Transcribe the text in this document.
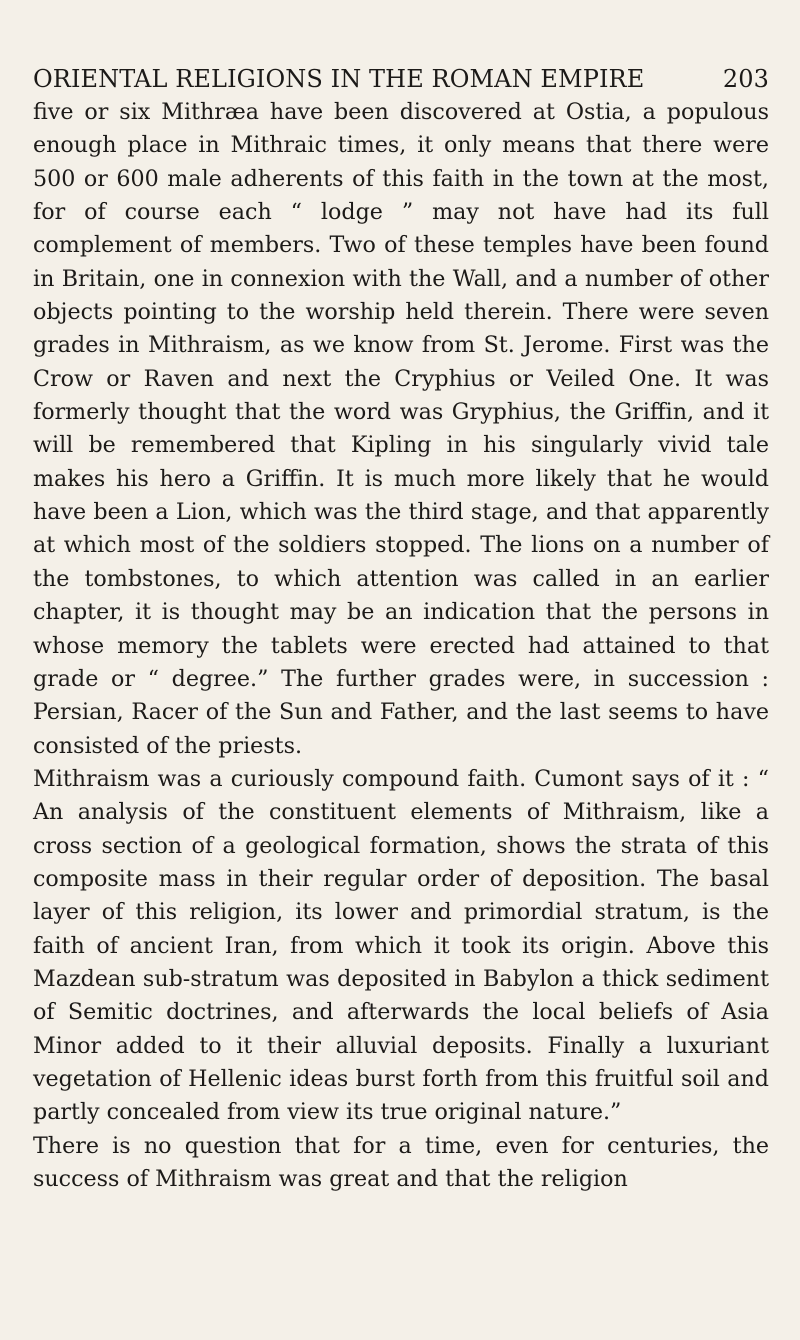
ORIENTAL RELIGIONS IN THE ROMAN EMPIRE	203

five or six Mithræa have been discovered at Ostia, a populous enough place in Mithraic times, it only means that there were 500 or 600 male adherents of this faith in the town at the most, for of course each “ lodge ” may not have had its full complement of members. Two of these temples have been found in Britain, one in connexion with the Wall, and a number of other objects pointing to the worship held therein. There were seven grades in Mithraism, as we know from St. Jerome. First was the Crow or Raven and next the Cryphius or Veiled One. It was formerly thought that the word was Gryphius, the Griffin, and it will be remembered that Kipling in his singularly vivid tale makes his hero a Griffin. It is much more likely that he would have been a Lion, which was the third stage, and that apparently at which most of the soldiers stopped. The lions on a number of the tombstones, to which attention was called in an earlier chapter, it is thought may be an indication that the persons in whose memory the tablets were erected had attained to that grade or “ degree.” The further grades were, in succession : Persian, Racer of the Sun and Father, and the last seems to have consisted of the priests.

Mithraism was a curiously compound faith. Cumont says of it : “ An analysis of the constituent elements of Mithraism, like a cross section of a geological formation, shows the strata of this composite mass in their regular order of deposition. The basal layer of this religion, its lower and primordial stratum, is the faith of ancient Iran, from which it took its origin. Above this Mazdean sub-stratum was deposited in Babylon a thick sediment of Semitic doctrines, and afterwards the local beliefs of Asia Minor added to it their alluvial deposits. Finally a luxuriant vegetation of Hellenic ideas burst forth from this fruitful soil and partly concealed from view its true original nature.”

There is no question that for a time, even for centuries, the success of Mithraism was great and that the religion
